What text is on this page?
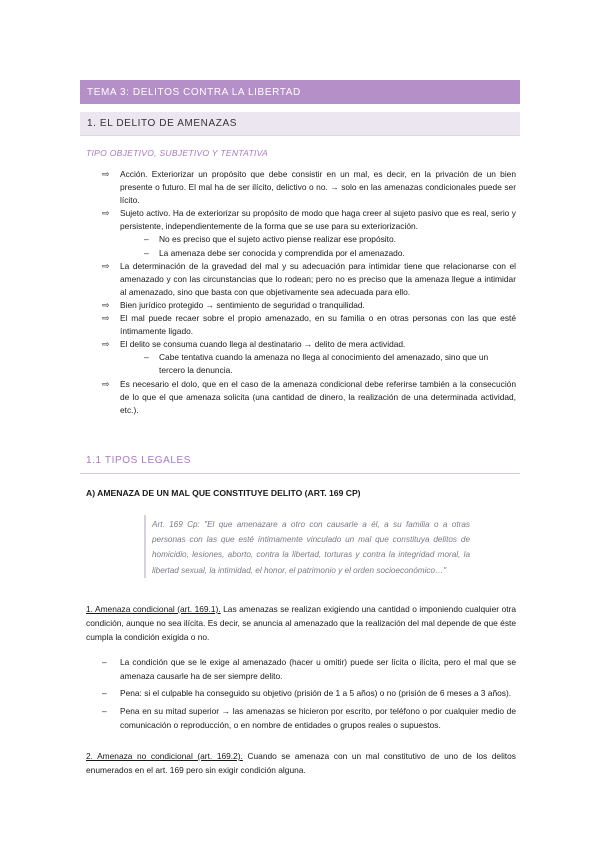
TEMA 3: DELITOS CONTRA LA LIBERTAD
1. EL DELITO DE AMENAZAS
TIPO OBJETIVO, SUBJETIVO Y TENTATIVA
⇨ Acción. Exteriorizar un propósito que debe consistir en un mal, es decir, en la privación de un bien presente o futuro. El mal ha de ser ilícito, delictivo o no. → solo en las amenazas condicionales puede ser lícito.
⇨ Sujeto activo. Ha de exteriorizar su propósito de modo que haga creer al sujeto pasivo que es real, serio y persistente, independientemente de la forma que se use para su exteriorización.
– No es preciso que el sujeto activo piense realizar ese propósito.
– La amenaza debe ser conocida y comprendida por el amenazado.
⇨ La determinación de la gravedad del mal y su adecuación para intimidar tiene que relacionarse con el amenazado y con las circunstancias que lo rodean; pero no es preciso que la amenaza llegue a intimidar al amenazado, sino que basta con que objetivamente sea adecuada para ello.
⇨ Bien jurídico protegido → sentimiento de seguridad o tranquilidad.
⇨ El mal puede recaer sobre el propio amenazado, en su familia o en otras personas con las que esté íntimamente ligado.
⇨ El delito se consuma cuando llega al destinatario → delito de mera actividad.
– Cabe tentativa cuando la amenaza no llega al conocimiento del amenazado, sino que un tercero la denuncia.
⇨ Es necesario el dolo, que en el caso de la amenaza condicional debe referirse también a la consecución de lo que el que amenaza solicita (una cantidad de dinero, la realización de una determinada actividad, etc.).
1.1 TIPOS LEGALES
A) AMENAZA DE UN MAL QUE CONSTITUYE DELITO (ART. 169 CP)
Art. 169 Cp: "El que amenazare a otro con causarle a él, a su familia o a otras personas con las que esté íntimamente vinculado un mal que constituya delitos de homicidio, lesiones, aborto, contra la libertad, torturas y contra la integridad moral, la libertad sexual, la intimidad, el honor, el patrimonio y el orden socioeconómico…"
1. Amenaza condicional (art. 169.1). Las amenazas se realizan exigiendo una cantidad o imponiendo cualquier otra condición, aunque no sea ilícita. Es decir, se anuncia al amenazado que la realización del mal depende de que éste cumpla la condición exigida o no.
– La condición que se le exige al amenazado (hacer u omitir) puede ser lícita o ilícita, pero el mal que se amenaza causarle ha de ser siempre delito.
– Pena: si el culpable ha conseguido su objetivo (prisión de 1 a 5 años) o no (prisión de 6 meses a 3 años).
– Pena en su mitad superior → las amenazas se hicieron por escrito, por teléfono o por cualquier medio de comunicación o reproducción, o en nombre de entidades o grupos reales o supuestos.
2. Amenaza no condicional (art. 169.2). Cuando se amenaza con un mal constitutivo de uno de los delitos enumerados en el art. 169 pero sin exigir condición alguna.
